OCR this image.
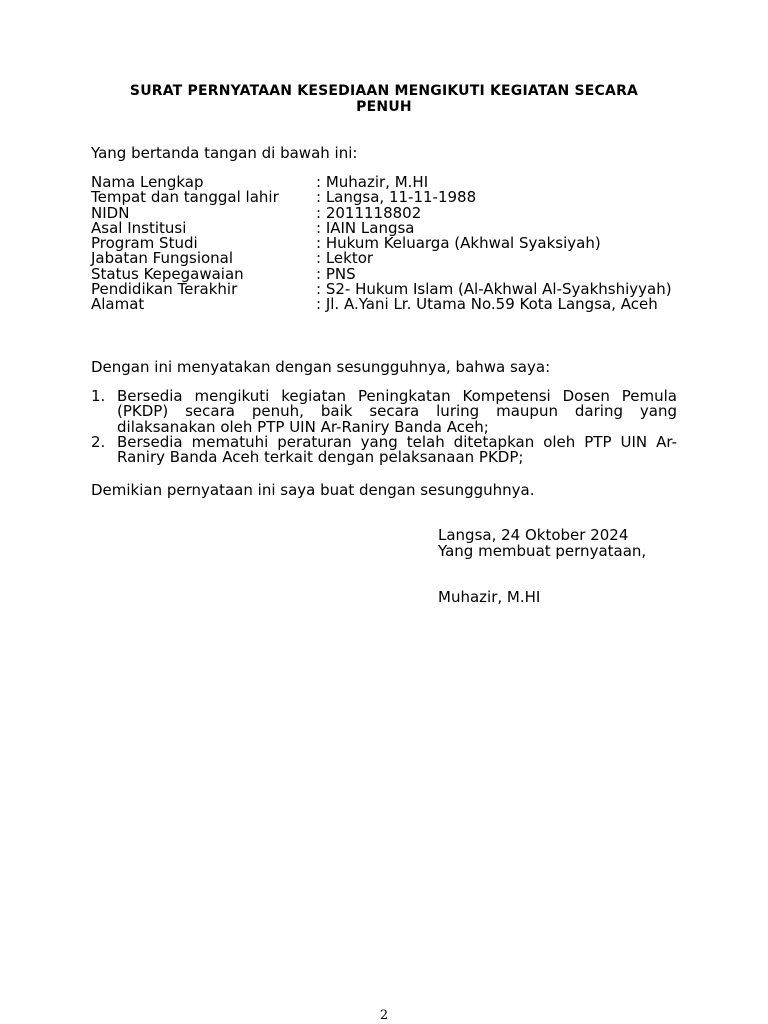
SURAT PERNYATAAN KESEDIAAN MENGIKUTI KEGIATAN SECARA PENUH
Yang bertanda tangan di bawah ini:
Nama Lengkap	: Muhazir, M.HI
Tempat dan tanggal lahir : Langsa, 11-11-1988
NIDN	: 2011118802
Asal Institusi	: IAIN Langsa
Program Studi	: Hukum Keluarga (Akhwal Syaksiyah)
Jabatan Fungsional	: Lektor
Status Kepegawaian	: PNS
Pendidikan Terakhir	: S2- Hukum Islam (Al-Akhwal Al-Syakhshiyyah)
Alamat	: Jl. A.Yani Lr. Utama No.59 Kota Langsa, Aceh
Dengan ini menyatakan dengan sesungguhnya, bahwa saya:
1. Bersedia mengikuti kegiatan Peningkatan Kompetensi Dosen Pemula (PKDP) secara penuh, baik secara luring maupun daring yang dilaksanakan oleh PTP UIN Ar-Raniry Banda Aceh;
2. Bersedia mematuhi peraturan yang telah ditetapkan oleh PTP UIN Ar-Raniry Banda Aceh terkait dengan pelaksanaan PKDP;
Demikian pernyataan ini saya buat dengan sesungguhnya.
Langsa, 24 Oktober 2024
Yang membuat pernyataan,
Muhazir, M.HI
2
